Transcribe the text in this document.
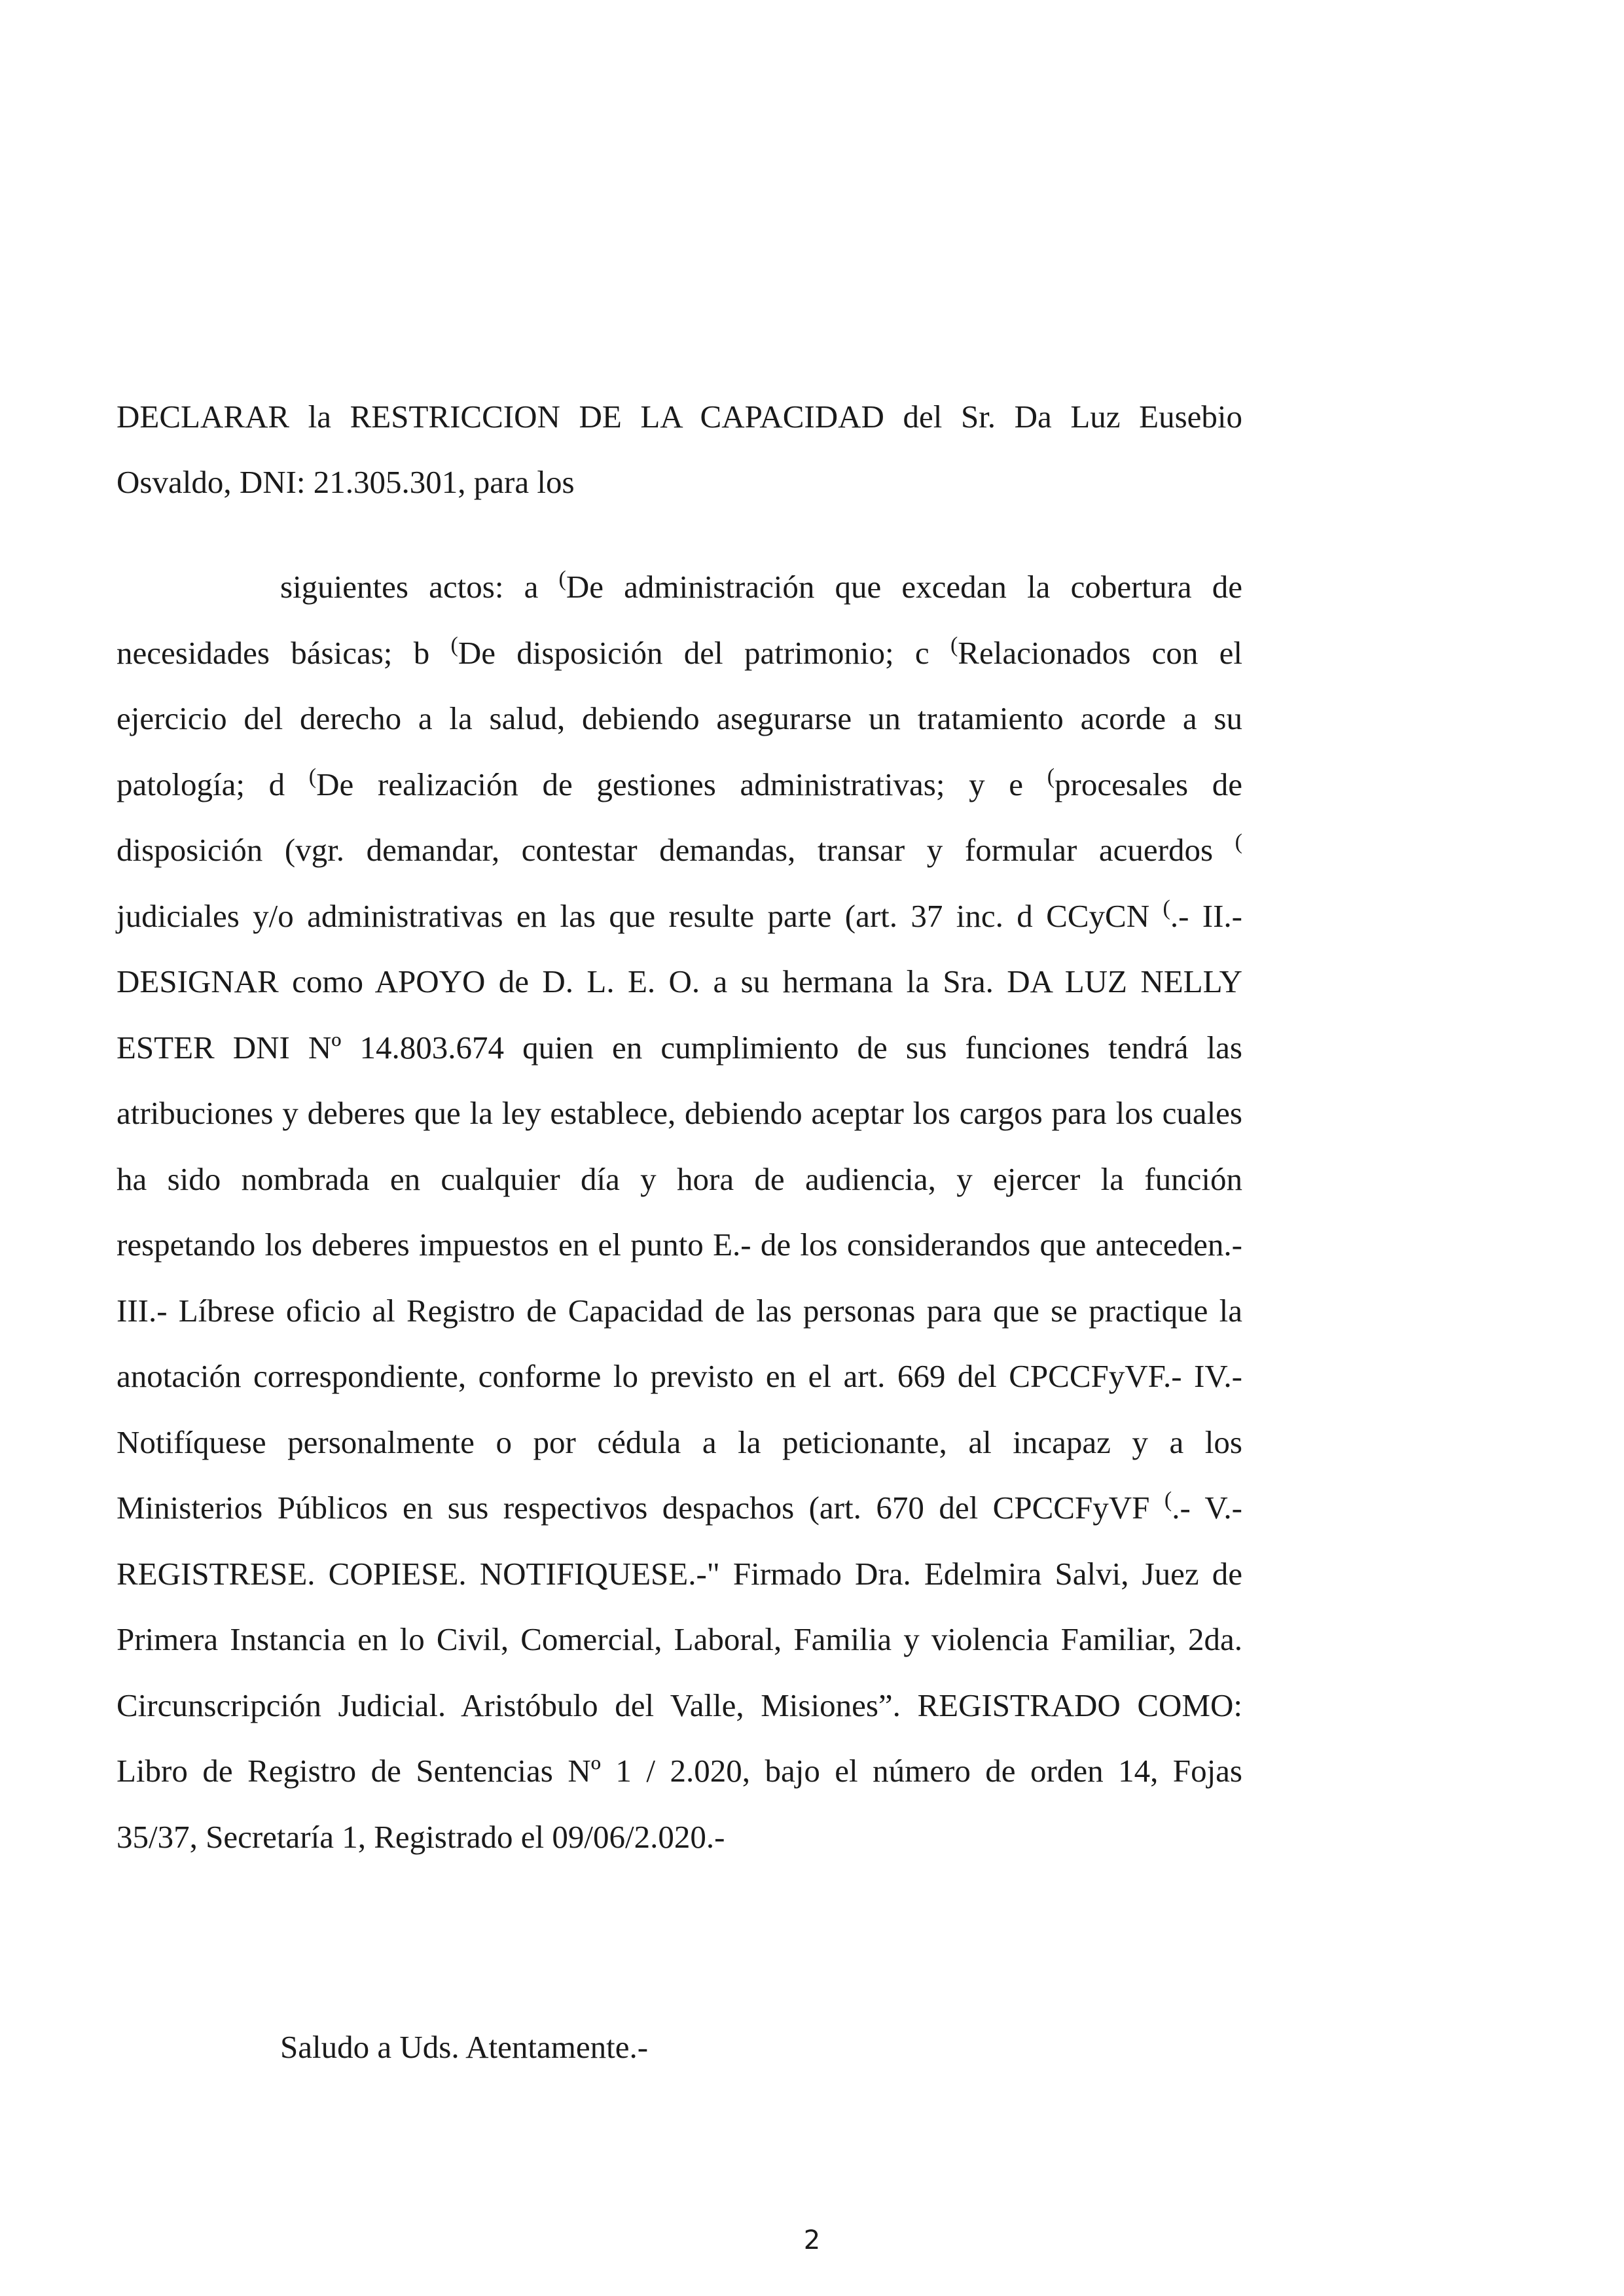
DECLARAR la RESTRICCION DE LA CAPACIDAD del Sr. Da Luz Eusebio
Osvaldo, DNI: 21.305.301, para los
siguientes actos: a (De administración que excedan la cobertura de
necesidades básicas; b (De disposición del patrimonio; c (Relacionados con el
ejercicio del derecho a la salud, debiendo asegurarse un tratamiento acorde a su
patología; d (De realización de gestiones administrativas; y e (procesales de
disposición (vgr. demandar, contestar demandas, transar y formular acuerdos (
judiciales y/o administrativas en las que resulte parte (art. 37 inc. d CCyCN (.- II.-
DESIGNAR como APOYO de D. L. E. O. a su hermana la Sra. DA LUZ NELLY
ESTER DNI Nº 14.803.674 quien en cumplimiento de sus funciones tendrá las
atribuciones y deberes que la ley establece, debiendo aceptar los cargos para los cuales
ha sido nombrada en cualquier día y hora de audiencia, y ejercer la función
respetando los deberes impuestos en el punto E.- de los considerandos que anteceden.-
III.- Líbrese oficio al Registro de Capacidad de las personas para que se practique la
anotación correspondiente, conforme lo previsto en el art. 669 del CPCCFyVF.- IV.-
Notifíquese personalmente o por cédula a la peticionante, al incapaz y a los
Ministerios Públicos en sus respectivos despachos (art. 670 del CPCCFyVF (.- V.-
REGISTRESE. COPIESE. NOTIFIQUESE.-" Firmado Dra. Edelmira Salvi, Juez de
Primera Instancia en lo Civil, Comercial, Laboral, Familia y violencia Familiar, 2da.
Circunscripción Judicial. Aristóbulo del Valle, Misiones”. REGISTRADO COMO:
Libro de Registro de Sentencias Nº 1 / 2.020, bajo el número de orden 14, Fojas
35/37, Secretaría 1, Registrado el 09/06/2.020.-
Saludo a Uds. Atentamente.-
2
